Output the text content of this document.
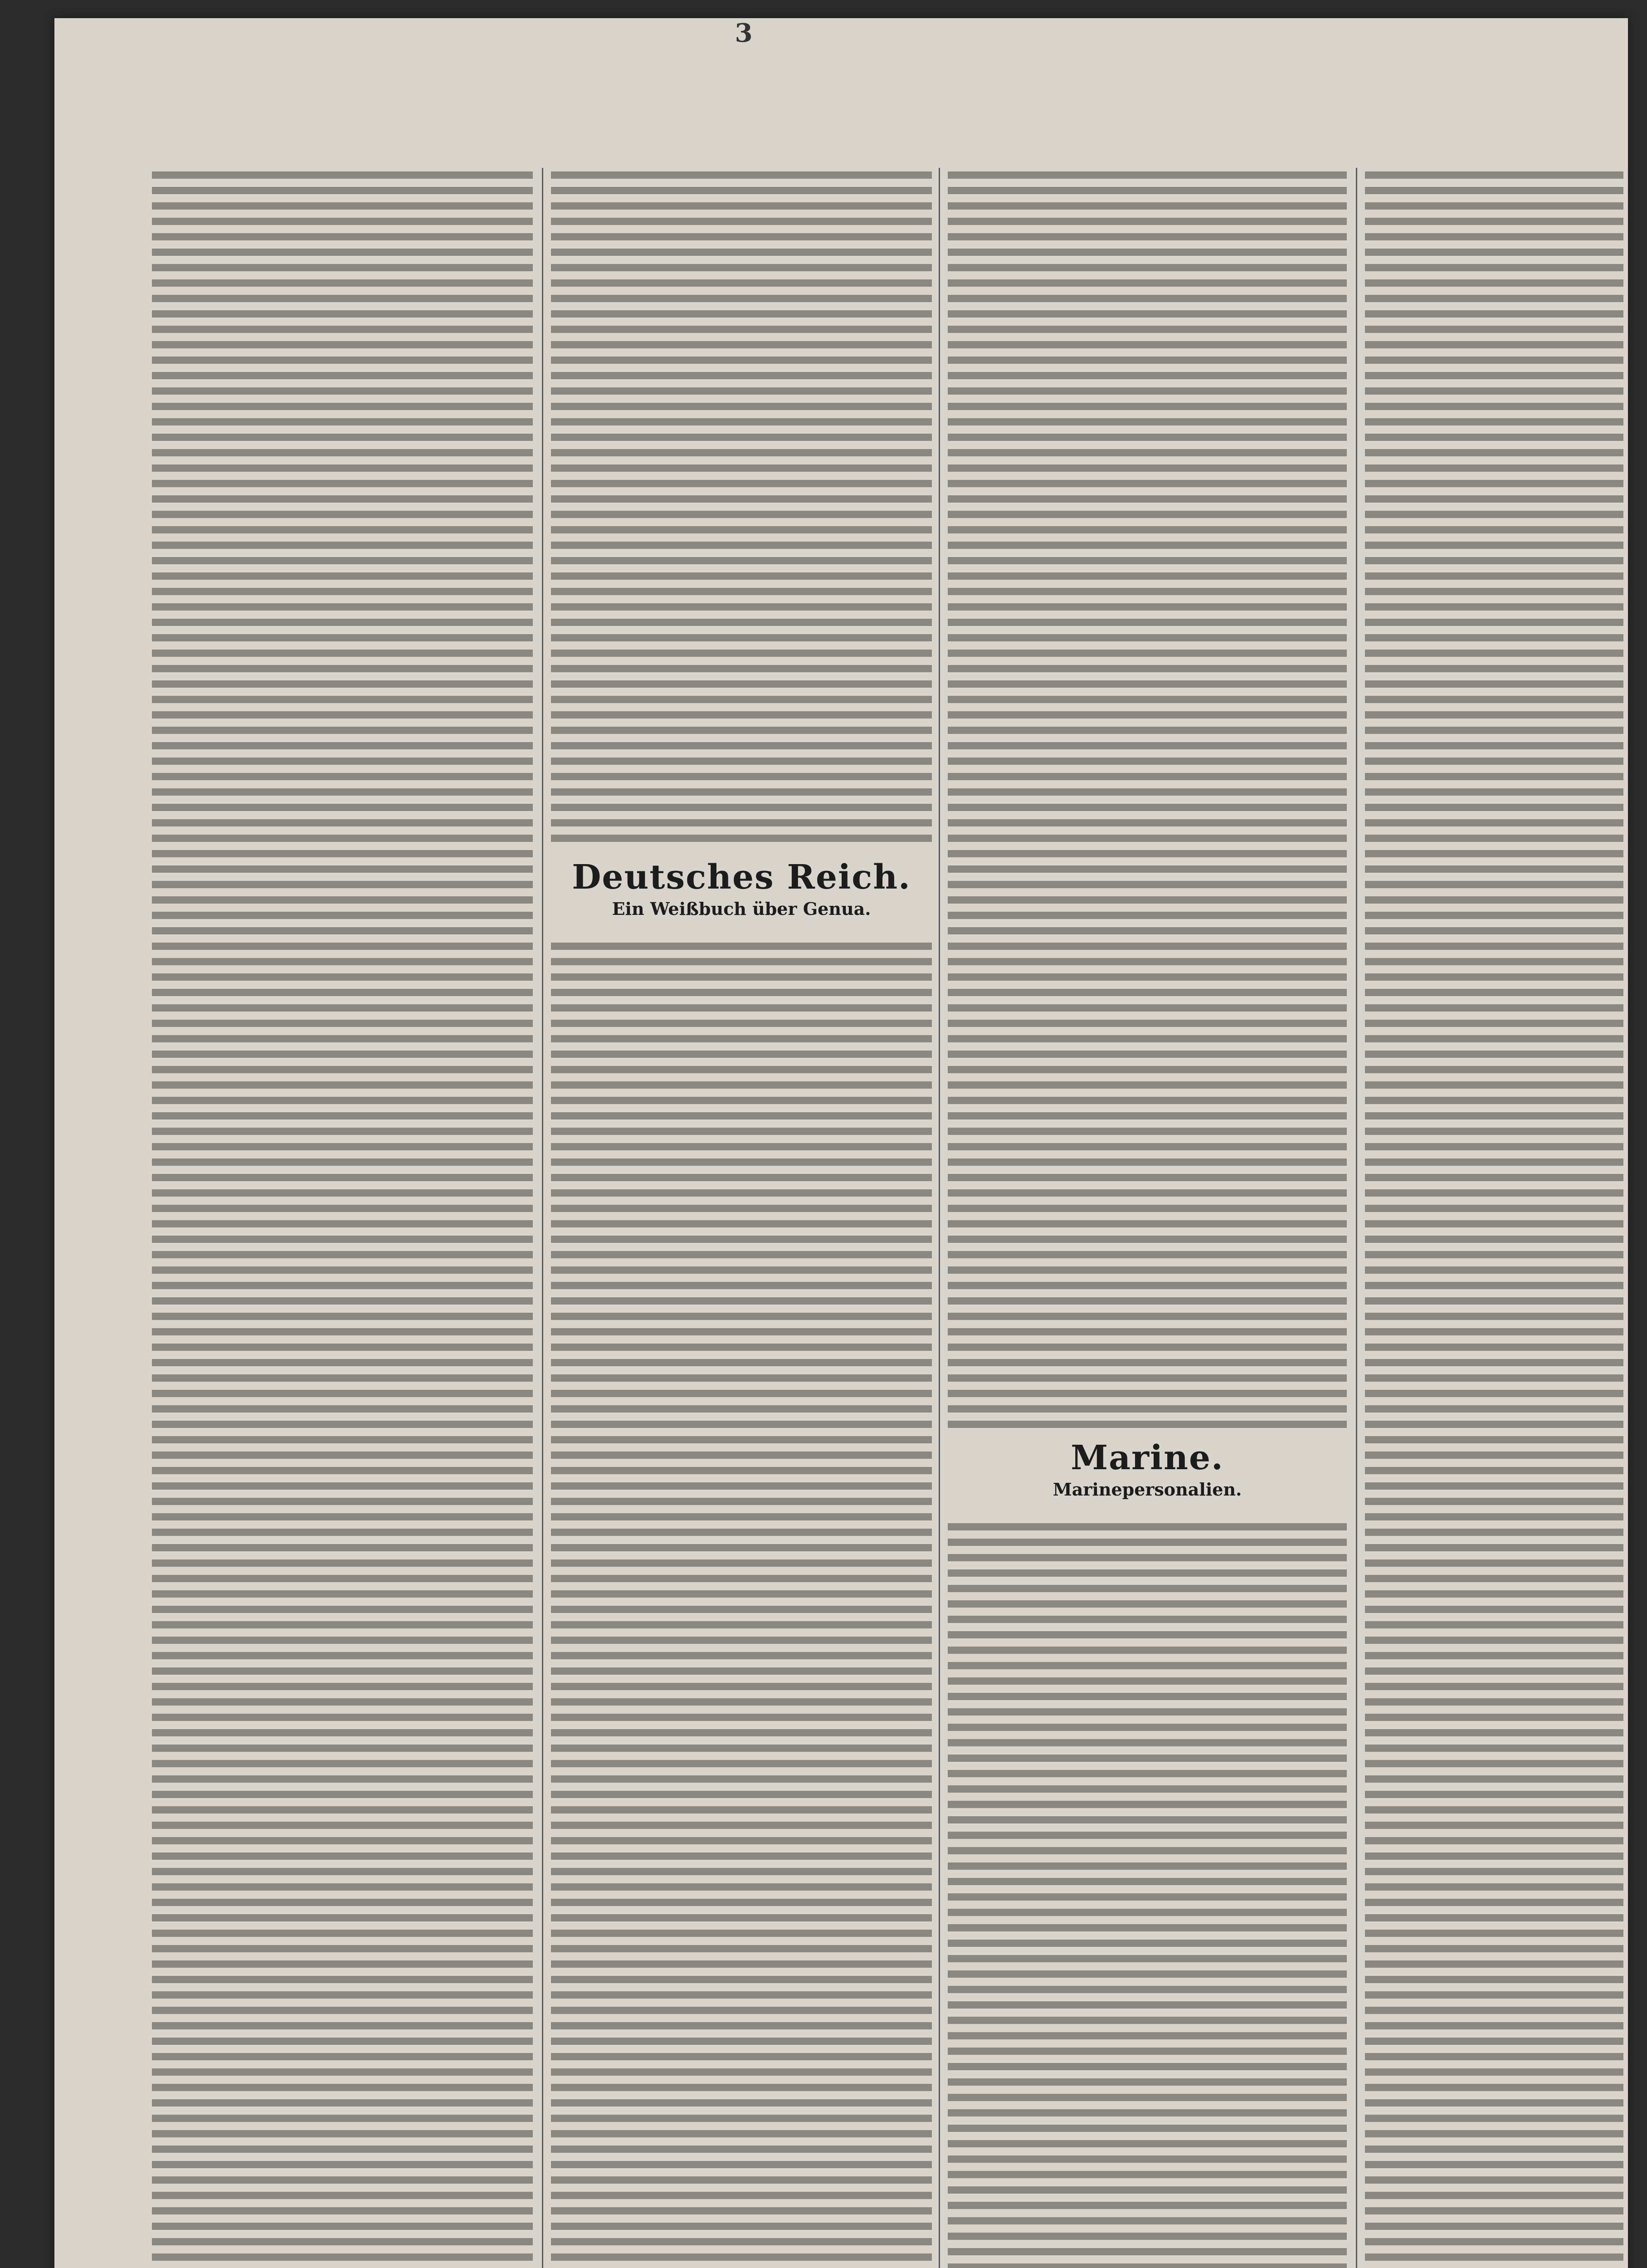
3
Deutsches Reich.
Ein Weißbuch über Genua.
Marine.
Marinepersonalien.
